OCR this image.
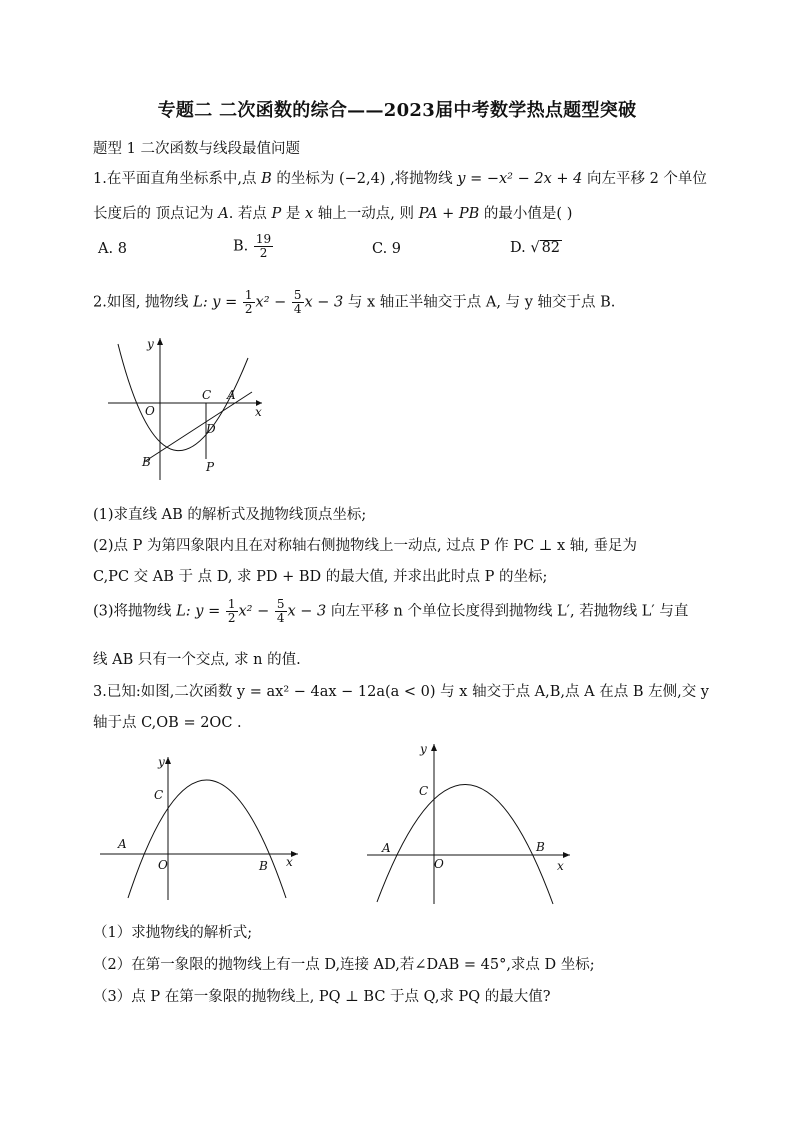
专题二 二次函数的综合——2023届中考数学热点题型突破
题型 1 二次函数与线段最值问题
1.在平面直角坐标系中,点 B 的坐标为 (−2,4) ,将抛物线 y = −x² − 2x + 4 向左平移 2 个单位
长度后的 顶点记为 A. 若点 P 是 x 轴上一动点, 则 PA + PB 的最小值是( )
A. 8	B. $\frac{19}{2}$	C. 9	D. √ 82
2.如图, 抛物线 L: $y = \frac{1}{2} x^2 - \frac{5}{4}$ x − 3 与 x 轴正半轴交于点 A, 与 y 轴交于点 B.
y
O	x
C A
D
B	P
(1)求直线 AB 的解析式及抛物线顶点坐标;
(2)点 P 为第四象限内且在对称轴右侧抛物线上一动点, 过点 P 作 PC ⊥ x 轴, 垂足为
C,PC 交 AB 于 点 D, 求 PD + BD 的最大值, 并求出此时点 P 的坐标;
(3)将抛物线 L: $y = \frac{1}{2} x^2 - \frac{5}{4}$ x − 3 向左平移 n 个单位长度得到抛物线 L′, 若抛物线 L′ 与直
线 AB 只有一个交点, 求 n 的值.
3.已知:如图,二次函数 y = ax² − 4ax − 12a(a < 0) 与 x 轴交于点 A,B,点 A 在点 B 左侧,交 y
轴于点 C,OB = 2OC .
y
C
A
O	B x
y
C
A
O
B
x
（1）求抛物线的解析式;
（2）在第一象限的抛物线上有一点 D,连接 AD,若∠DAB = 45°,求点 D 坐标;
（3）点 P 在第一象限的抛物线上, PQ ⊥ BC 于点 Q,求 PQ 的最大值?
